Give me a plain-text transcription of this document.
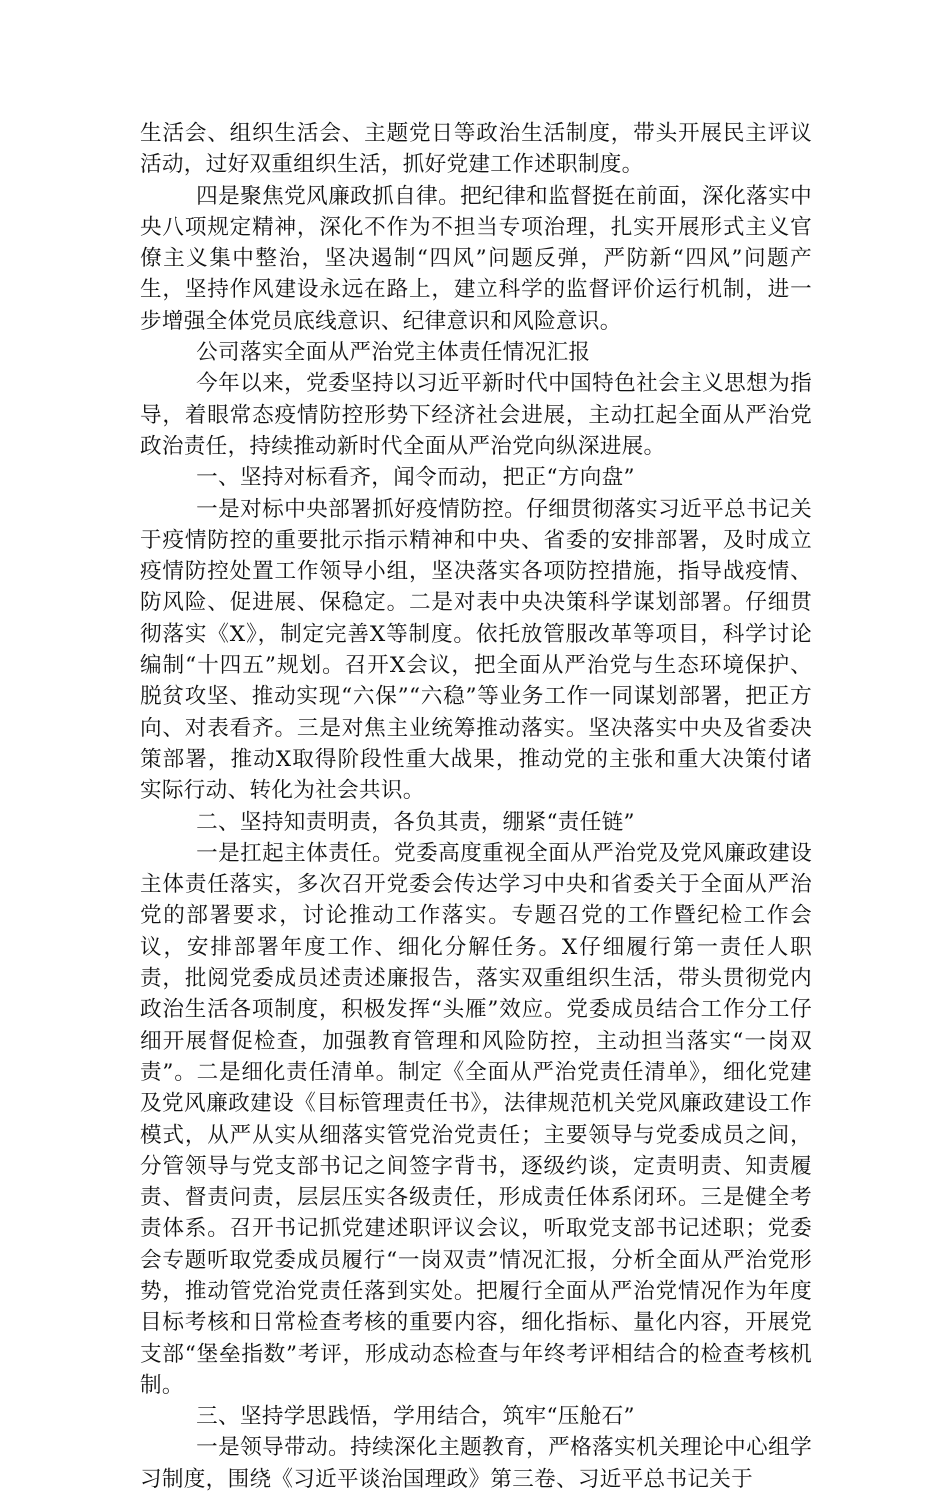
生活会、组织生活会、主题党日等政治生活制度，带头开展民主评议活动，过好双重组织生活，抓好党建工作述职制度。

四是聚焦党风廉政抓自律。把纪律和监督挺在前面，深化落实中央八项规定精神，深化不作为不担当专项治理，扎实开展形式主义官僚主义集中整治，坚决遏制“四风”问题反弹，严防新“四风”问题产生，坚持作风建设永远在路上，建立科学的监督评价运行机制，进一步增强全体党员底线意识、纪律意识和风险意识。

公司落实全面从严治党主体责任情况汇报

今年以来，党委坚持以习近平新时代中国特色社会主义思想为指导，着眼常态疫情防控形势下经济社会进展，主动扛起全面从严治党政治责任，持续推动新时代全面从严治党向纵深进展。

一、坚持对标看齐，闻令而动，把正“方向盘”

一是对标中央部署抓好疫情防控。仔细贯彻落实习近平总书记关于疫情防控的重要批示指示精神和中央、省委的安排部署，及时成立疫情防控处置工作领导小组，坚决落实各项防控措施，指导战疫情、防风险、促进展、保稳定。二是对表中央决策科学谋划部署。仔细贯彻落实《X》，制定完善X等制度。依托放管服改革等项目，科学讨论编制“十四五”规划。召开X会议，把全面从严治党与生态环境保护、脱贫攻坚、推动实现“六保”“六稳”等业务工作一同谋划部署，把正方向、对表看齐。三是对焦主业统筹推动落实。坚决落实中央及省委决策部署，推动X取得阶段性重大战果，推动党的主张和重大决策付诸实际行动、转化为社会共识。

二、坚持知责明责，各负其责，绷紧“责任链”

一是扛起主体责任。党委高度重视全面从严治党及党风廉政建设主体责任落实，多次召开党委会传达学习中央和省委关于全面从严治党的部署要求，讨论推动工作落实。专题召党的工作暨纪检工作会议，安排部署年度工作、细化分解任务。X仔细履行第一责任人职责，批阅党委成员述责述廉报告，落实双重组织生活，带头贯彻党内政治生活各项制度，积极发挥“头雁”效应。党委成员结合工作分工仔细开展督促检查，加强教育管理和风险防控，主动担当落实“一岗双责”。二是细化责任清单。制定《全面从严治党责任清单》，细化党建及党风廉政建设《目标管理责任书》，法律规范机关党风廉政建设工作模式，从严从实从细落实管党治党责任；主要领导与党委成员之间，分管领导与党支部书记之间签字背书，逐级约谈，定责明责、知责履责、督责问责，层层压实各级责任，形成责任体系闭环。三是健全考责体系。召开书记抓党建述职评议会议，听取党支部书记述职；党委会专题听取党委成员履行“一岗双责”情况汇报，分析全面从严治党形势，推动管党治党责任落到实处。把履行全面从严治党情况作为年度目标考核和日常检查考核的重要内容，细化指标、量化内容，开展党支部“堡垒指数”考评，形成动态检查与年终考评相结合的检查考核机制。

三、坚持学思践悟，学用结合，筑牢“压舱石”

一是领导带动。持续深化主题教育，严格落实机关理论中心组学习制度，围绕《习近平谈治国理政》第三卷、习近平总书记关于
